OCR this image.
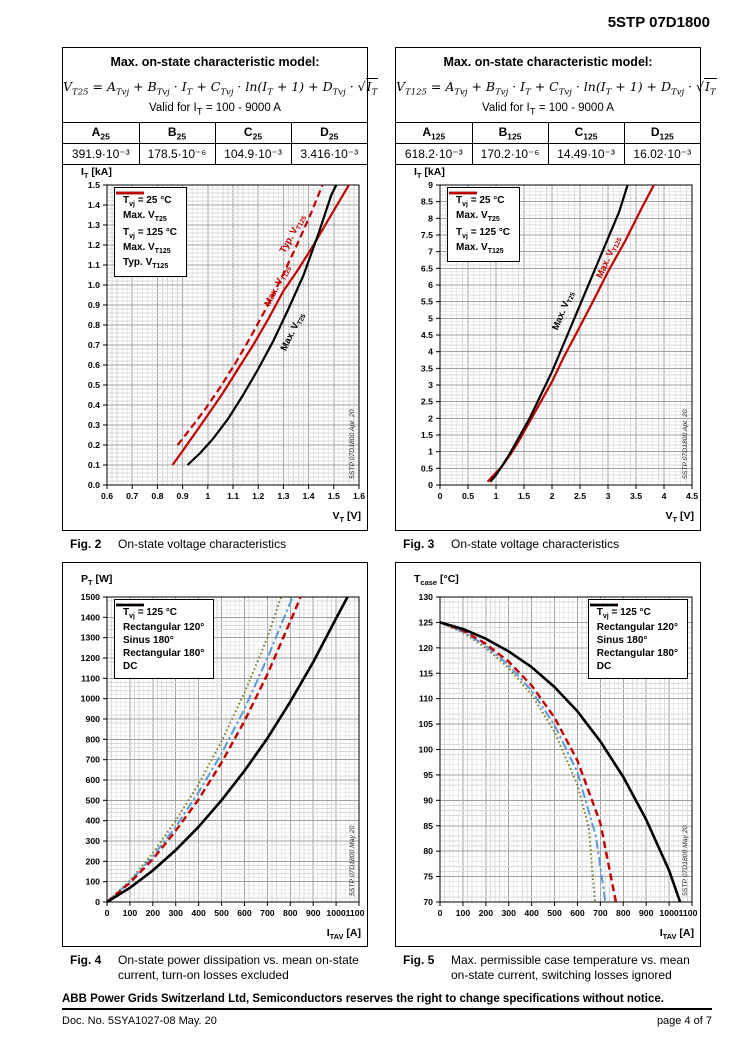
5STP 07D1800
Max. on-state characteristic model:
$V_{T25} = A_{Tvj} + B_{Tvj} \cdot I_T + C_{Tvj} \cdot \ln(I_T + 1) + D_{Tvj} \cdot √I_T$
Valid for $I_T = 100 - 9000$ A
$A_{25}$	$B_{25}$	$C_{25}$	$D_{25}$
391.9·10⁻³	178.5·10⁻⁶	104.9·10⁻³	3.416·10⁻³
0.6 0.7 0.8 0.9 1 1.1 1.2 1.3 1.4 1.5 1.6
0.0
0.1
0.2
0.3
0.4
0.5
0.6
0.7
0.8
0.9
1.0
1.1
1.2
1.3
1.4
1.5
Typ. $V_{T125}$
Max. $V_{T125}$
Max. $V_{T25}$
5STP 07D1800 Apr. 20
$I_T$ [kA]
$V_T$ [V]
$T_{vj} = 25$ °C
Max. $V_{T25}$
$T_{vj} = 125$ °C
Max. $V_{T125}$
Typ. $V_{T125}$
Fig. 2	On-state voltage characteristics
Max. on-state characteristic model:
$V_{T125} = A_{Tvj} + B_{Tvj} \cdot I_T + C_{Tvj} \cdot \ln(I_T + 1) + D_{Tvj} \cdot √I_T$
Valid for $I_T = 100 - 9000$ A
$A_{125}$	$B_{125}$	$C_{125}$	$D_{125}$
618.2·10⁻³	170.2·10⁻⁶	14.49·10⁻³	16.02·10⁻³
0 0.5 1 1.5 2 2.5 3 3.5 4 4.5
0
0.5
1
1.5
2
2.5
3
3.5
4
4.5
5
5.5
6
6.5
7
7.5
8
8.5
9
Max. $V_{T25}$
Max. $V_{T125}$
5STP 07D1800 Apr. 20
$I_T$ [kA]
$V_T$ [V]
$T_{vj} = 25$ °C
Max. $V_{T25}$
$T_{vj} = 125$ °C
Max. $V_{T125}$
Fig. 3	On-state voltage characteristics
0 100 200 300 400 500 600 700 800 900 1000 1100
0
100
200
300
400
500
600
700
800
900
1000
1100
1200
1300
1400
1500
5STP 07D1800 May 20
$P_T$ [W]
$I_{TAV}$ [A]
$T_{vj} = 125$ °C
Rectangular 120°
Sinus 180°
Rectangular 180°
DC
Fig. 4	On-state power dissipation vs. mean on-state current, turn-on losses excluded
0 100 200 300 400 500 600 700 800 900 1000 1100
70
75
80
85
90
95
100
105
110
115
120
125
130
5STP 07D1800 May 20
$T_{case}$ [°C]
$I_{TAV}$ [A]
$T_{vj} = 125$ °C
Rectangular 120°
Sinus 180°
Rectangular 180°
DC
Fig. 5	Max. permissible case temperature vs. mean on-state current, switching losses ignored
ABB Power Grids Switzerland Ltd, Semiconductors reserves the right to change specifications without notice.
Doc. No. 5SYA1027-08 May. 20	page 4 of 7
